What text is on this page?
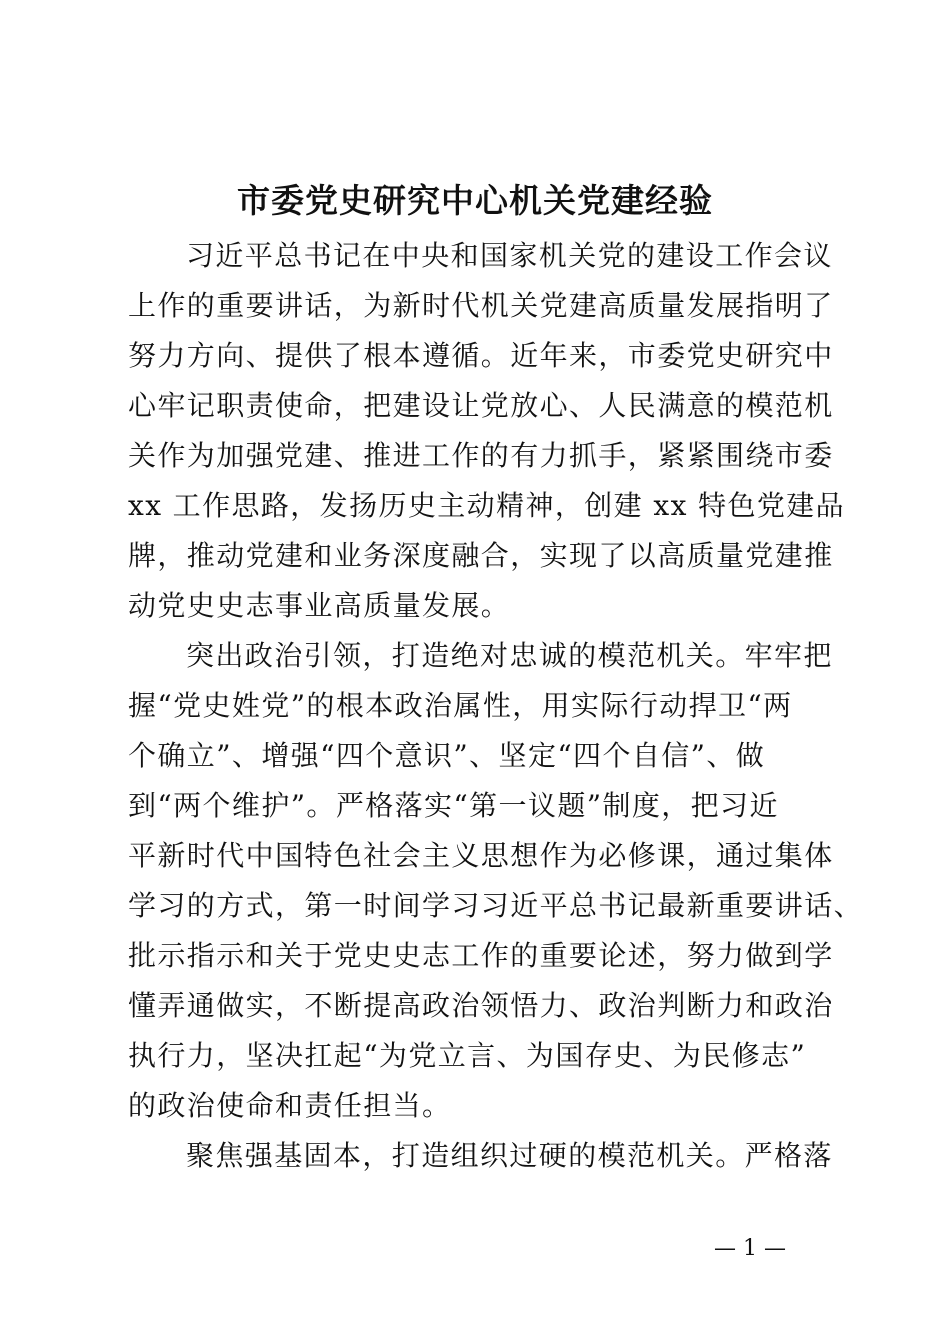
市委党史研究中心机关党建经验

习近平总书记在中央和国家机关党的建设工作会议
上作的重要讲话，为新时代机关党建高质量发展指明了
努力方向、提供了根本遵循。近年来，市委党史研究中
心牢记职责使命，把建设让党放心、人民满意的模范机
关作为加强党建、推进工作的有力抓手，紧紧围绕市委
xx 工作思路，发扬历史主动精神，创建 xx 特色党建品
牌，推动党建和业务深度融合，实现了以高质量党建推
动党史史志事业高质量发展。

突出政治引领，打造绝对忠诚的模范机关。牢牢把
握“党史姓党”的根本政治属性，用实际行动捍卫“两
个确立”、增强“四个意识”、坚定“四个自信”、做
到“两个维护”。严格落实“第一议题”制度，把习近
平新时代中国特色社会主义思想作为必修课，通过集体
学习的方式，第一时间学习习近平总书记最新重要讲话、
批示指示和关于党史史志工作的重要论述，努力做到学
懂弄通做实，不断提高政治领悟力、政治判断力和政治
执行力，坚决扛起“为党立言、为国存史、为民修志”
的政治使命和责任担当。

聚焦强基固本，打造组织过硬的模范机关。严格落

— 1 —
